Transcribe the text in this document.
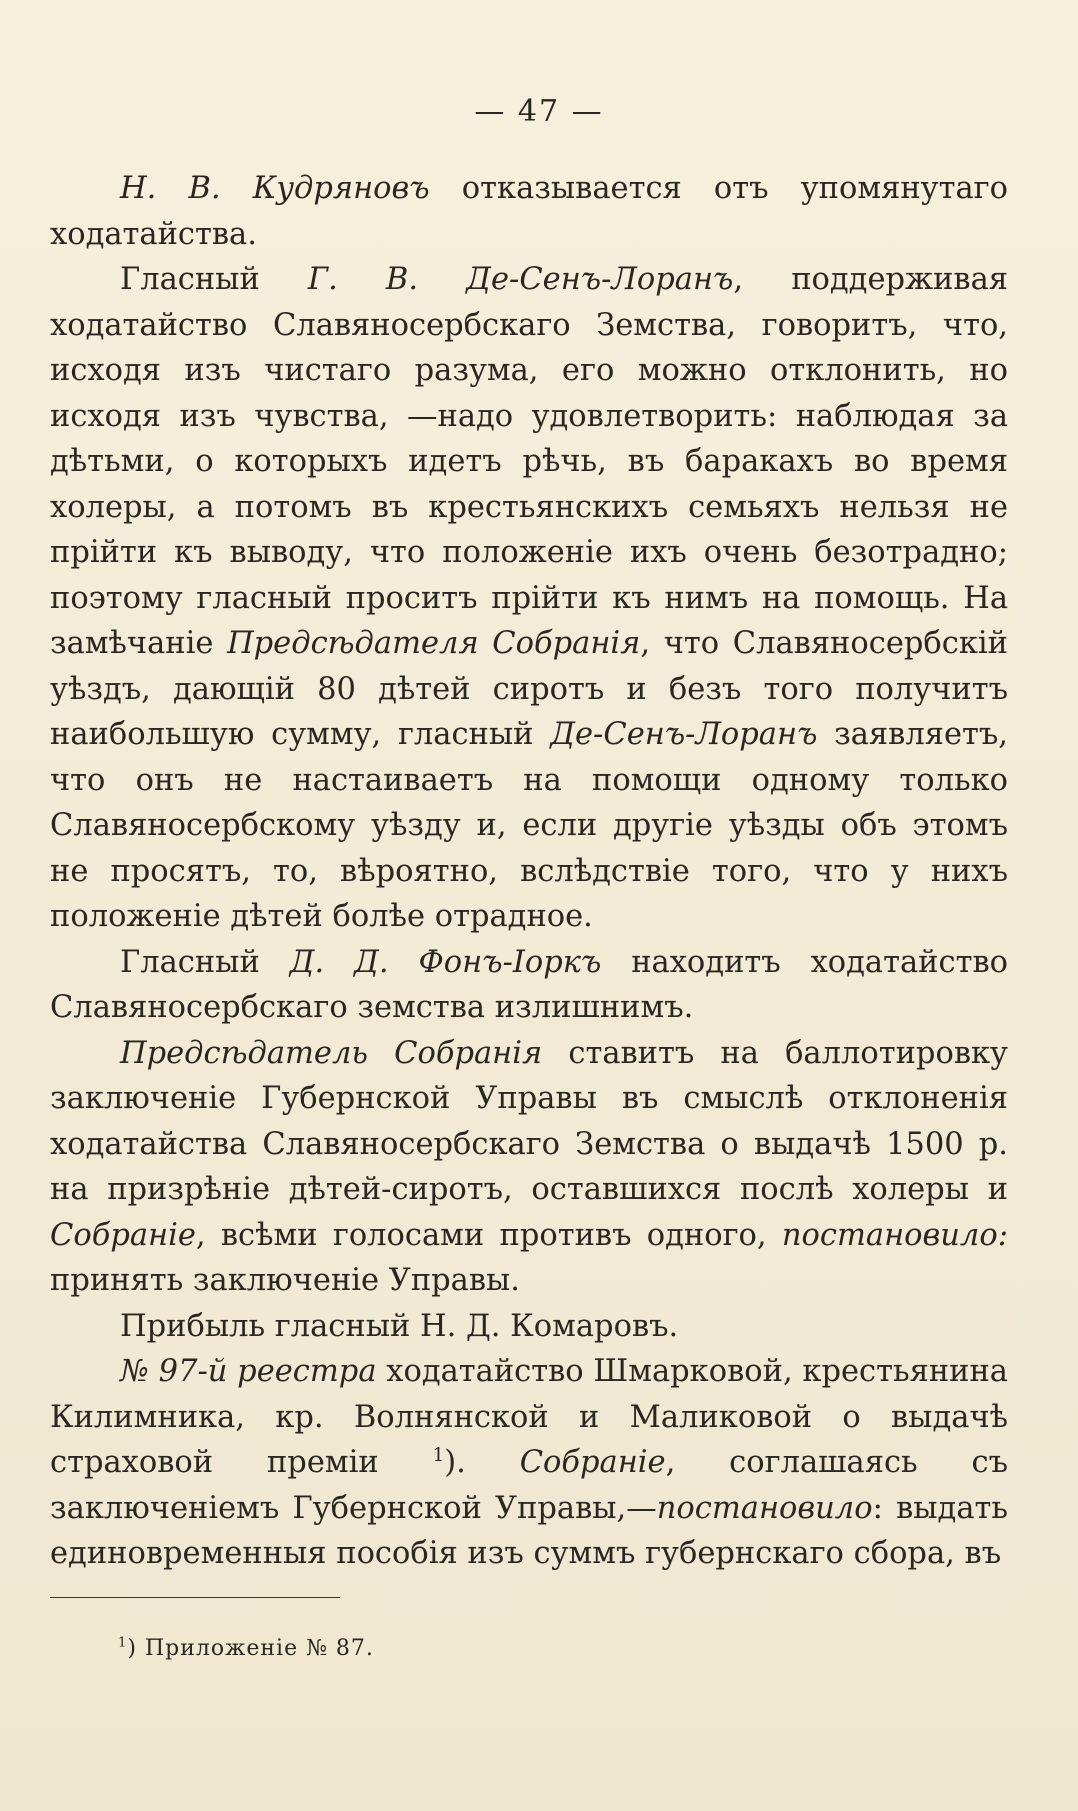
— 47 —

Н. В. Кудряновъ отказывается отъ упомянутаго ходатайства.

Гласный Г. В. Де-Сенъ-Лоранъ, поддерживая ходатайство Славяносербскаго Земства, говоритъ, что, исходя изъ чистаго разума, его можно отклонить, но исходя изъ чувства, —надо удовлетворить: наблюдая за дѣтьми, о которыхъ идетъ рѣчь, въ баракахъ во время холеры, а потомъ въ крестьянскихъ семьяхъ нельзя не прійти къ выводу, что положеніе ихъ очень безотрадно; поэтому гласный проситъ прійти къ нимъ на помощь. На замѣчаніе Предсѣдателя Собранія, что Славяносербскій уѣздъ, дающій 80 дѣтей сиротъ и безъ того получитъ наибольшую сумму, гласный Де-Сенъ-Лоранъ заявляетъ, что онъ не настаиваетъ на помощи одному только Славяносербскому уѣзду и, если другіе уѣзды объ этомъ не просятъ, то, вѣроятно, вслѣдствіе того, что у нихъ положеніе дѣтей болѣе отрадное.

Гласный Д. Д. Фонъ-Іоркъ находитъ ходатайство Славяносербскаго земства излишнимъ.

Предсѣдатель Собранія ставитъ на баллотировку заключеніе Губернской Управы въ смыслѣ отклоненія ходатайства Славяносербскаго Земства о выдачѣ 1500 р. на призрѣніе дѣтей-сиротъ, оставшихся послѣ холеры и Собраніе, всѣми голосами противъ одного, постановило: принять заключеніе Управы.

Прибыль гласный Н. Д. Комаровъ.

№ 97-й реестра ходатайство Шмарковой, крестьянина Килимника, кр. Волнянской и Маликовой о выдачѣ страховой преміи $^1$). Собраніе, соглашаясь съ заключеніемъ Губернской Управы,—постановило: выдать единовременныя пособія изъ суммъ губернскаго сбора, въ

$^1$) Приложеніе № 87.
